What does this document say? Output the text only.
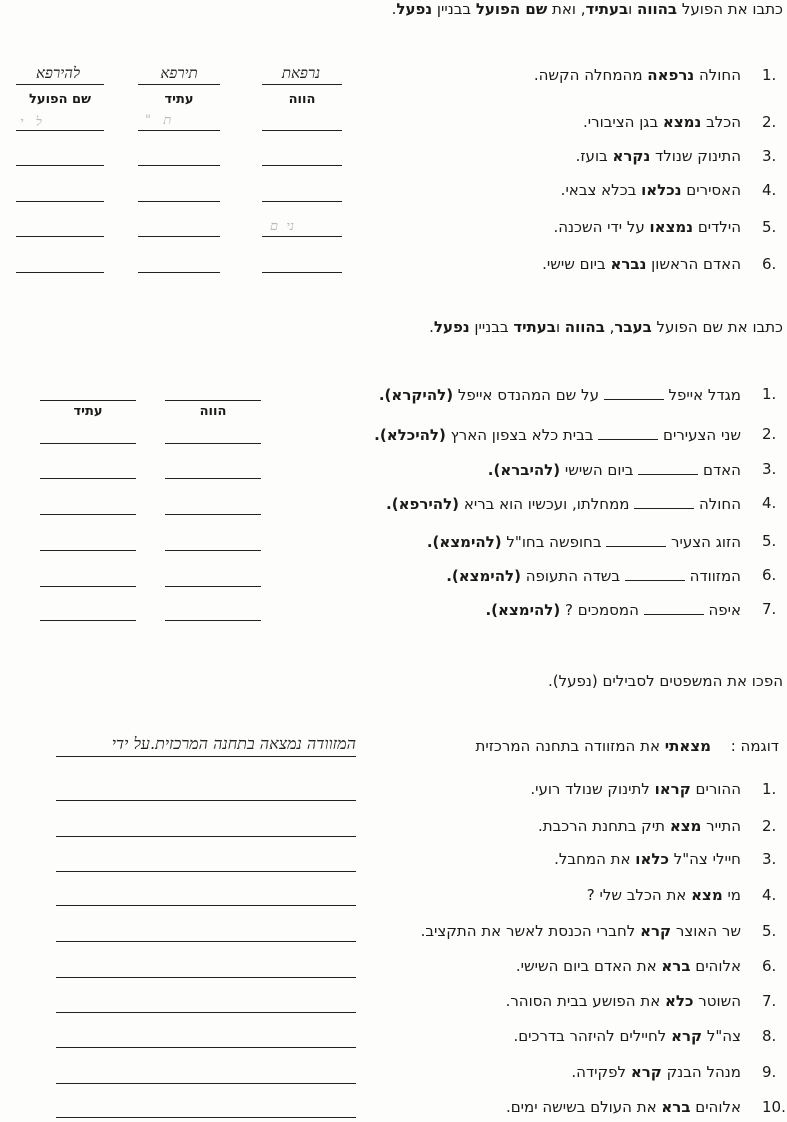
כתבו את הפועל בהווה ובעתיד, ואת שם הפועל בבניין נפעל.
נרפאת
תירפא
להירפא
הווה
עתיד
שם הפועל
1.
החולה נרפאה מהמחלה הקשה.
2.
הכלב נמצא בגן הציבורי.
3.
התינוק שנולד נקרא בועז.
4.
האסירים נכלאו בכלא צבאי.
5.
הילדים נמצאו על ידי השכנה.
6.
האדם הראשון נברא ביום שישי.
ל   י	ת   "
ני  ם
כתבו את שם הפועל בעבר, בהווה ובעתיד בבניין נפעל.
הווה
עתיד
1.
מגדל אייפל  על שם המהנדס אייפל (להיקרא).
2.
שני הצעירים  בבית כלא בצפון הארץ (להיכלא).
3.
האדם  ביום השישי (להיברא).
4.
החולה  ממחלתו, ועכשיו הוא בריא (להירפא).
5.
הזוג הצעיר  בחופשה בחו"ל (להימצא).
6.
המזוודה  בשדה התעופה (להימצא).
7.
איפה  המסמכים ? (להימצא).
הפכו את המשפטים לסבילים (נפעל).
דוגמה :
מצאתי את המזוודה בתחנה המרכזית
המזוודה נמצאה בתחנה המרכזית.על ידי
1.
ההורים קראו לתינוק שנולד רועי.
2.
התייר מצא תיק בתחנת הרכבת.
3.
חיילי צה"ל כלאו את המחבל.
4.
מי מצא את הכלב שלי ?
5.
שר האוצר קרא לחברי הכנסת לאשר את התקציב.
6.
אלוהים ברא את האדם ביום השישי.
7.
השוטר כלא את הפושע בבית הסוהר.
8.
צה"ל קרא לחיילים להיזהר בדרכים.
9.
מנהל הבנק קרא לפקידה.
10.
אלוהים ברא את העולם בשישה ימים.
